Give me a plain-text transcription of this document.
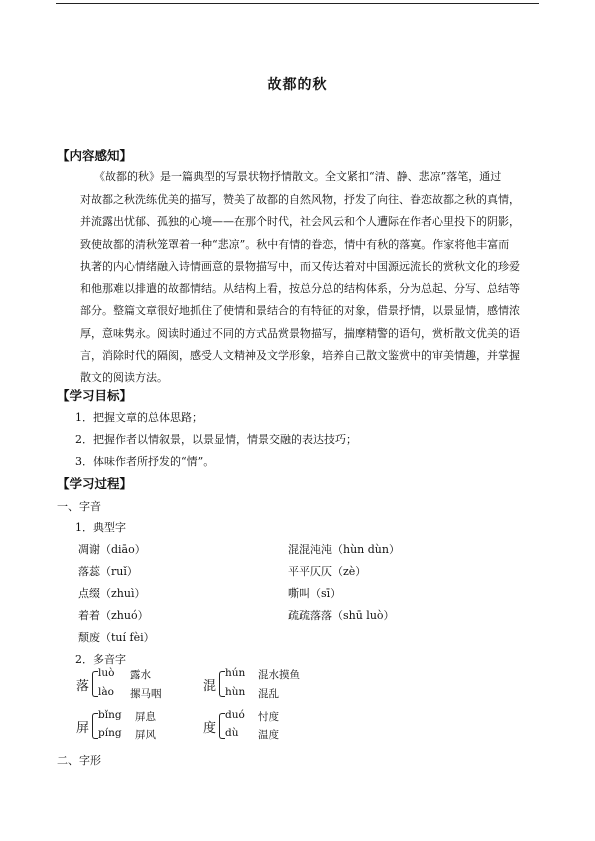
故都的秋
【内容感知】
《故都的秋》是一篇典型的写景状物抒情散文。全文紧扣“清、静、悲凉”落笔，通过
对故都之秋洗练优美的描写，赞美了故都的自然风物，抒发了向往、眷恋故都之秋的真情，
并流露出忧郁、孤独的心境——在那个时代，社会风云和个人遭际在作者心里投下的阴影，
致使故都的清秋笼罩着一种“悲凉”。秋中有情的眷恋，情中有秋的落寞。作家将他丰富而
执著的内心情绪融入诗情画意的景物描写中，而又传达着对中国源远流长的赏秋文化的珍爱
和他那难以排遣的故都情结。从结构上看，按总分总的结构体系，分为总起、分写、总结等
部分。整篇文章很好地抓住了使情和景结合的有特征的对象，借景抒情，以景显情，感情浓
厚，意味隽永。阅读时通过不同的方式品赏景物描写，揣摩精警的语句，赏析散文优美的语
言，消除时代的隔阂，感受人文精神及文学形象，培养自己散文鉴赏中的审美情趣，并掌握
散文的阅读方法。
【学习目标】
1．把握文章的总体思路；
2．把握作者以情叙景，以景显情，情景交融的表达技巧；
3．体味作者所抒发的“情”。
【学习过程】
一、字音
1．典型字
凋谢（diāo）
落蕊（ruǐ）
点缀（zhuì）
着着（zhuó）
颓废（tuí fèi）
混混沌沌（hùn dùn）
平平仄仄（zè）
嘶叫（sī）
疏疏落落（shū luò）
2．多音字
落
luò 露水
lào 摞马咽	混
hún 混水摸鱼
hùn 混乱
屏
bǐng 屏息
píng 屏风	度
duó 忖度
dù 温度
二、字形
